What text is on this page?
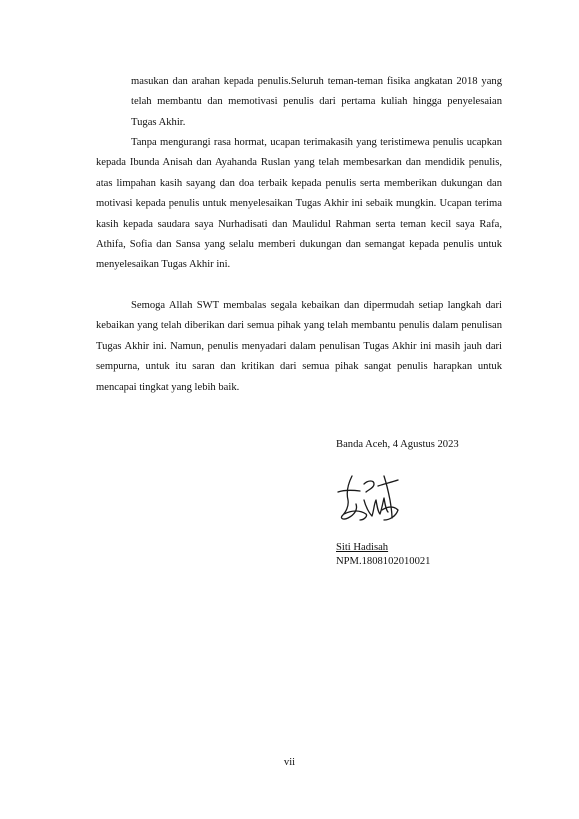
masukan dan arahan kepada penulis.Seluruh teman-teman fisika angkatan 2018 yang telah membantu dan memotivasi penulis dari pertama kuliah hingga penyelesaian Tugas Akhir.

Tanpa mengurangi rasa hormat, ucapan terimakasih yang teristimewa penulis ucapkan kepada Ibunda Anisah dan Ayahanda Ruslan yang telah membesarkan dan mendidik penulis, atas limpahan kasih sayang dan doa terbaik kepada penulis serta memberikan dukungan dan motivasi kepada penulis untuk menyelesaikan Tugas Akhir ini sebaik mungkin. Ucapan terima kasih kepada saudara saya Nurhadisati dan Maulidul Rahman serta teman kecil saya Rafa, Athifa, Sofia dan Sansa yang selalu memberi dukungan dan semangat kepada penulis untuk menyelesaikan Tugas Akhir ini.

Semoga Allah SWT membalas segala kebaikan dan dipermudah setiap langkah dari kebaikan yang telah diberikan dari semua pihak yang telah membantu penulis dalam penulisan Tugas Akhir ini. Namun, penulis menyadari dalam penulisan Tugas Akhir ini masih jauh dari sempurna, untuk itu saran dan kritikan dari semua pihak sangat penulis harapkan untuk mencapai tingkat yang lebih baik.

Banda Aceh, 4 Agustus 2023
Siti Hadisah
NPM.1808102010021
vii
